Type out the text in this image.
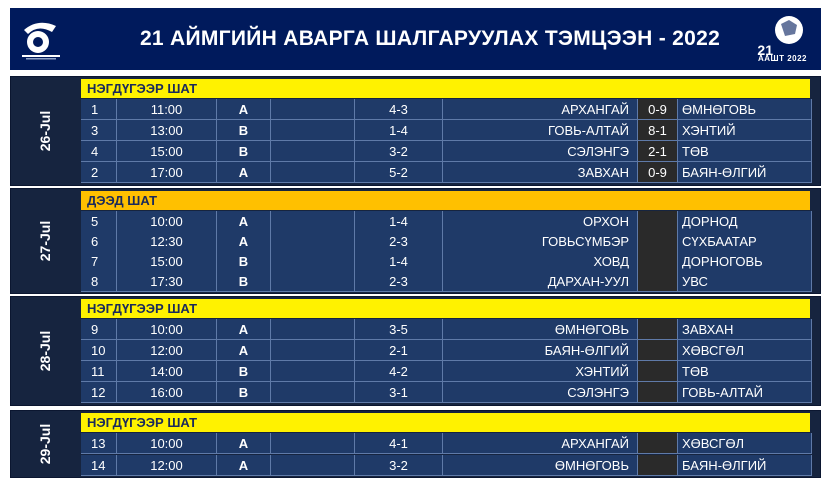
21 АЙМГИЙН АВАРГА ШАЛГАРУУЛАХ ТЭМЦЭЭН - 2022	21
ААШТ 2022
26-Jul
НЭГДҮГЭЭР ШАТ
1	11:00	A	4-3	АРХАНГАЙ	0-9	ӨМНӨГОВЬ
3	13:00	B	1-4	ГОВЬ-АЛТАЙ	8-1	ХЭНТИЙ
4	15:00	B	3-2	СЭЛЭНГЭ	2-1	ТӨВ
2	17:00	A	5-2	ЗАВХАН	0-9	БАЯН-ӨЛГИЙ
27-Jul
ДЭЭД ШАТ
5	10:00	A	1-4	ОРХОН	ДОРНОД
6	12:30	A	2-3	ГОВЬСҮМБЭР	СҮХБААТАР
7	15:00	B	1-4	ХОВД	ДОРНОГОВЬ
8	17:30	B	2-3	ДАРХАН-УУЛ	УВС
28-Jul
НЭГДҮГЭЭР ШАТ
9	10:00	A	3-5	ӨМНӨГОВЬ	ЗАВХАН
10	12:00	A	2-1	БАЯН-ӨЛГИЙ	ХӨВСГӨЛ
11	14:00	B	4-2	ХЭНТИЙ	ТӨВ
12	16:00	B	3-1	СЭЛЭНГЭ	ГОВЬ-АЛТАЙ
29-Jul
НЭГДҮГЭЭР ШАТ
13	10:00	A	4-1	АРХАНГАЙ	ХӨВСГӨЛ
14	12:00	A	3-2	ӨМНӨГОВЬ	БАЯН-ӨЛГИЙ
